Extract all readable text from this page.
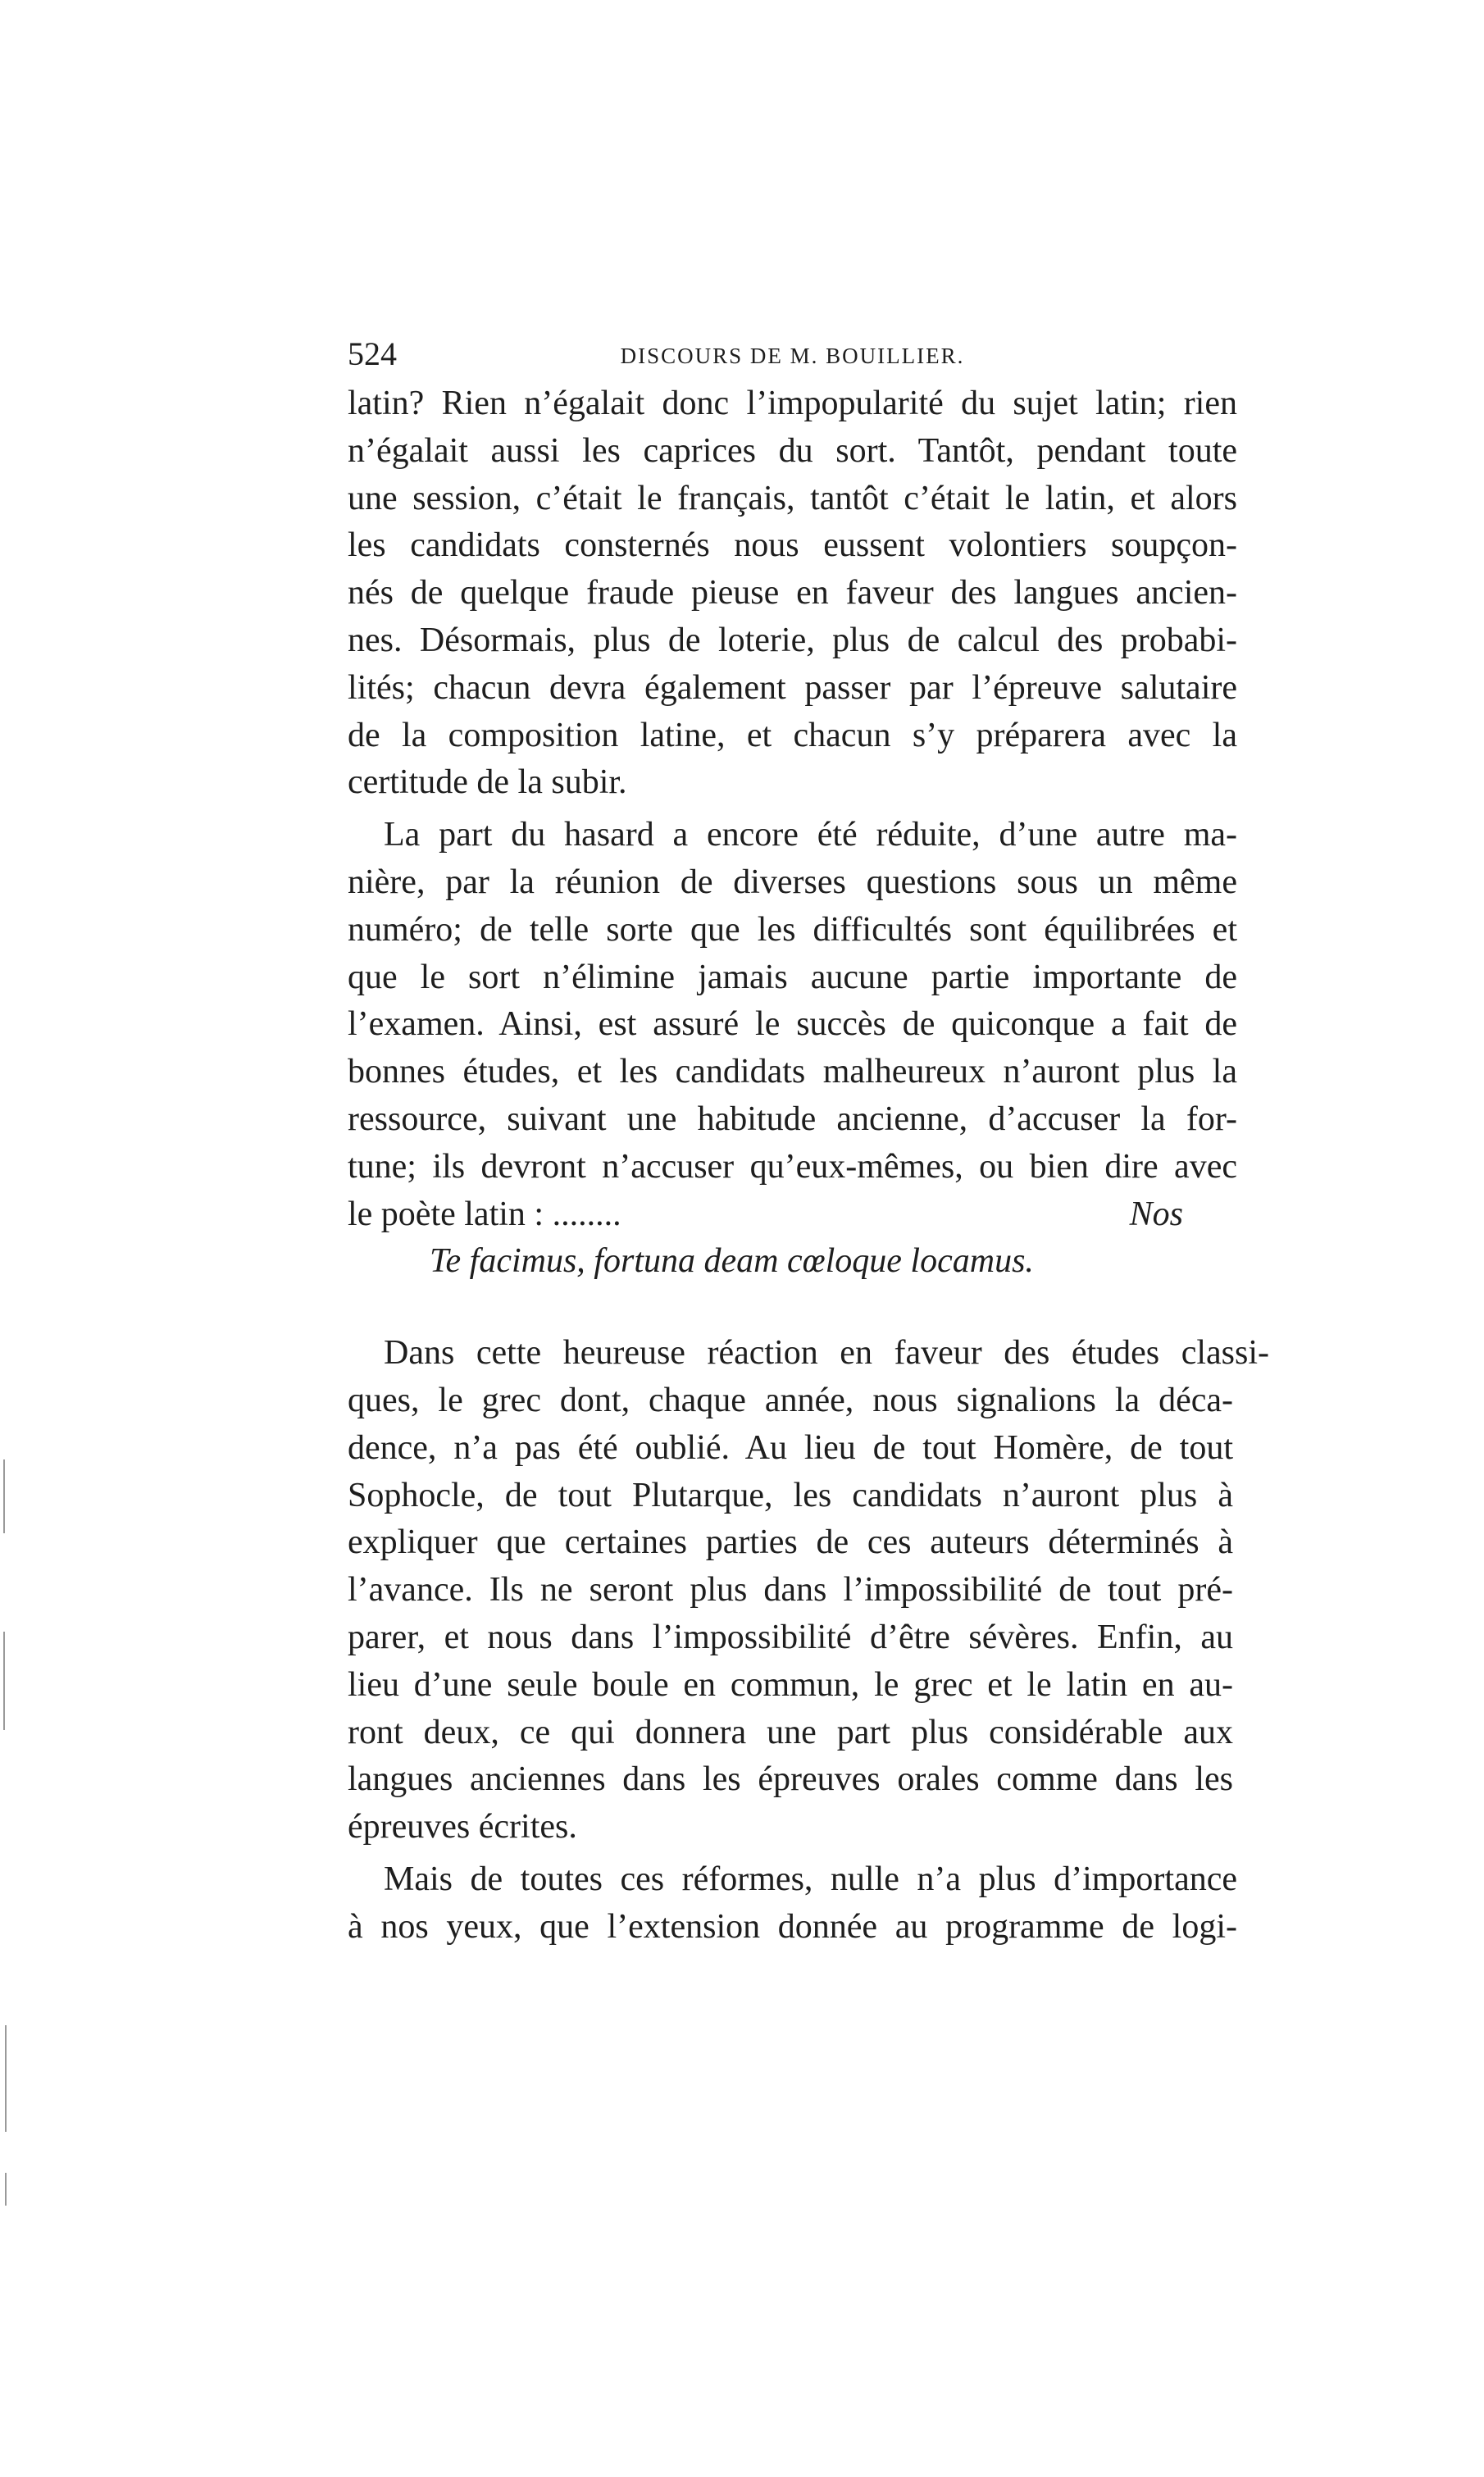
524	DISCOURS DE M. BOUILLIER.
latin? Rien n’égalait donc l’impopularité du sujet latin; rien
n’égalait aussi les caprices du sort. Tantôt, pendant toute
une session, c’était le français, tantôt c’était le latin, et alors
les candidats consternés nous eussent volontiers soupçon-
nés de quelque fraude pieuse en faveur des langues ancien-
nes. Désormais, plus de loterie, plus de calcul des probabi-
lités; chacun devra également passer par l’épreuve salutaire
de la composition latine, et chacun s’y préparera avec la
certitude de la subir.
La part du hasard a encore été réduite, d’une autre ma-
nière, par la réunion de diverses questions sous un même
numéro; de telle sorte que les difficultés sont équilibrées et
que le sort n’élimine jamais aucune partie importante de
l’examen. Ainsi, est assuré le succès de quiconque a fait de
bonnes études, et les candidats malheureux n’auront plus la
ressource, suivant une habitude ancienne, d’accuser la for-
tune; ils devront n’accuser qu’eux-mêmes, ou bien dire avec
le poète latin : ........	Nos
Te facimus, fortuna deam cœloque locamus.
Dans cette heureuse réaction en faveur des études classi-
ques, le grec dont, chaque année, nous signalions la déca-
dence, n’a pas été oublié. Au lieu de tout Homère, de tout
Sophocle, de tout Plutarque, les candidats n’auront plus à
expliquer que certaines parties de ces auteurs déterminés à
l’avance. Ils ne seront plus dans l’impossibilité de tout pré-
parer, et nous dans l’impossibilité d’être sévères. Enfin, au
lieu d’une seule boule en commun, le grec et le latin en au-
ront deux, ce qui donnera une part plus considérable aux
langues anciennes dans les épreuves orales comme dans les
épreuves écrites.
Mais de toutes ces réformes, nulle n’a plus d’importance
à nos yeux, que l’extension donnée au programme de logi-
